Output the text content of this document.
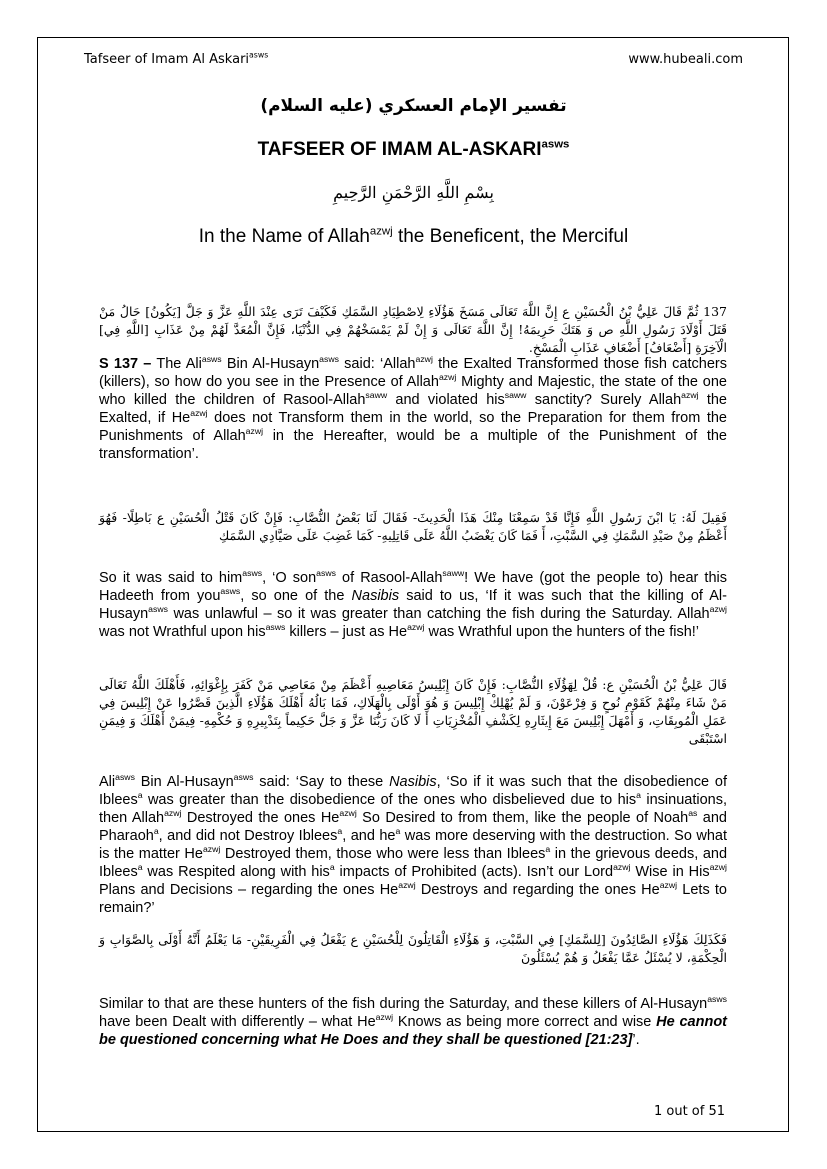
Tafseer of Imam Al Askari$^{asws}$	www.hubeali.com
تفسير الإمام العسكري (عليه السلام)
TAFSEER OF IMAM $AL-ASKARI^{asws}$
بِسْمِ اللَّهِ الرَّحْمَنِ الرَّحِيمِ
In the Name of Allah$^{azwj}$ the Beneficent, the Merciful
137 ثُمَّ قَالَ عَلِيُّ بْنُ الْحُسَيْنِ ع إِنَّ اللَّهَ تَعَالَى مَسَخَ هَؤُلَاءِ لِاصْطِيَادِ السَّمَكِ فَكَيْفَ تَرَى عِنْدَ اللَّهِ عَزَّ وَ جَلَّ [يَكُونُ] حَالُ مَنْ قَتَلَ أَوْلَادَ رَسُولِ اللَّهِ ص وَ هَتَكَ حَرِيمَهُ! إِنَّ اللَّهَ تَعَالَى وَ إِنْ لَمْ يَمْسَخْهُمْ فِي الدُّنْيَا، فَإِنَّ الْمُعَدَّ لَهُمْ مِنْ عَذَابِ [اللَّهِ فِي] الْآخِرَةِ [أَضْعَافُ] أَضْعَافِ عَذَابِ الْمَسْخِ.
S 137 – The Ali$^{asws}$ Bin Al-Husayn$^{asws}$ said: ‘Allah$^{azwj}$ the Exalted Transformed those fish catchers (killers), so how do you see in the Presence of Allah$^{azwj}$ Mighty and Majestic, the state of the one who killed the children of Rasool-Allah$^{saww}$ and violated his$^{saww}$ sanctity? Surely Allah$^{azwj}$ the Exalted, if $He^{azwj}$ does not Transform them in the world, so the Preparation for them from the Punishments of Allah$^{azwj}$ in the Hereafter, would be a multiple of the Punishment of the transformation’.
فَقِيلَ لَهُ: يَا ابْنَ رَسُولِ اللَّهِ فَإِنَّا قَدْ سَمِعْنَا مِنْكَ هَذَا الْحَدِيثَ- فَقَالَ لَنَا بَعْضُ النُّصَّابِ: فَإِنْ كَانَ قَتْلُ الْحُسَيْنِ ع بَاطِلًا- فَهُوَ أَعْظَمُ مِنْ صَيْدِ السَّمَكِ فِي السَّبْتِ، أَ فَمَا كَانَ يَغْضَبُ اللَّهُ عَلَى قَاتِلِيهِ- كَمَا غَضِبَ عَلَى صَيَّادِي السَّمَكِ
So it was said to him$^{asws}$, ‘O son$^{asws}$ of Rasool-Allah$^{saww}$! We have (got the people to) hear this Hadeeth from you$^{asws}$, so one of the Nasibis said to us, ‘If it was such that the killing of Al-Husayn$^{asws}$ was unlawful – so it was greater than catching the fish during the Saturday. Allah$^{azwj}$ was not Wrathful upon his$^{asws}$ killers – just as $He^{azwj}$ was Wrathful upon the hunters of the fish!’
قَالَ عَلِيُّ بْنُ الْحُسَيْنِ ع: قُلْ لِهَؤُلَاءِ النُّصَّابِ: فَإِنْ كَانَ إِبْلِيسُ مَعَاصِيهِ أَعْظَمَ مِنْ مَعَاصِي مَنْ كَفَرَ بِإِغْوَائِهِ، فَأَهْلَكَ اللَّهُ تَعَالَى مَنْ شَاءَ مِنْهُمْ كَقَوْمِ نُوحٍ وَ فِرْعَوْنَ، وَ لَمْ يُهْلِكْ إِبْلِيسَ وَ هُوَ أَوْلَى بِالْهَلَاكِ، فَمَا بَالُهُ أَهْلَكَ هَؤُلَاءِ الَّذِينَ قَصَّرُوا عَنْ إِبْلِيسَ فِي عَمَلِ الْمُوبِقَاتِ، وَ أَمْهَلَ إِبْلِيسَ مَعَ إِيثَارِهِ لِكَشْفِ الْمُخْزِيَاتِ أَ لَا كَانَ رَبُّنَا عَزَّ وَ جَلَّ حَكِيماً بِتَدْبِيرِهِ وَ حُكْمِهِ- فِيمَنْ أَهْلَكَ وَ فِيمَنِ اسْتَبْقَى
Ali$^{asws}$ Bin Al-Husayn$^{asws}$ said: ‘Say to these Nasibis, ‘So if it was such that the disobedience of Iblees$^a$ was greater than the disobedience of the ones who disbelieved due to his$^a$ insinuations, then Allah$^{azwj}$ Destroyed the ones $He^{azwj}$ So Desired to from them, like the people of Noah$^{as}$ and Pharaoh$^a$, and did not Destroy Iblees$^a$, and $he^a$ was more deserving with the destruction. So what is the matter $He^{azwj}$ Destroyed them, those who were less than Iblees$^a$ in the grievous deeds, and Iblees$^a$ was Respited along with his$^a$ impacts of Prohibited (acts). Isn’t our Lord$^{azwj}$ Wise in His$^{azwj}$ Plans and Decisions – regarding the ones $He^{azwj}$ Destroys and regarding the ones $He^{azwj}$ Lets to remain?’
فَكَذَلِكَ هَؤُلَاءِ الصَّائِدُونَ [لِلسَّمَكِ] فِي السَّبْتِ، وَ هَؤُلَاءِ الْقَاتِلُونَ لِلْحُسَيْنِ ع يَفْعَلُ فِي الْفَرِيقَيْنِ- مَا يَعْلَمُ أَنَّهُ أَوْلَى بِالصَّوَابِ وَ الْحِكْمَةِ، لا يُسْئَلُ عَمَّا يَفْعَلُ وَ هُمْ يُسْئَلُونَ
Similar to that are these hunters of the fish during the Saturday, and these killers of Al-Husayn$^{asws}$ have been Dealt with differently – what $He^{azwj}$ Knows as being more correct and wise He cannot be questioned concerning what He Does and they shall be questioned [21:23]’.
1 out of 51
